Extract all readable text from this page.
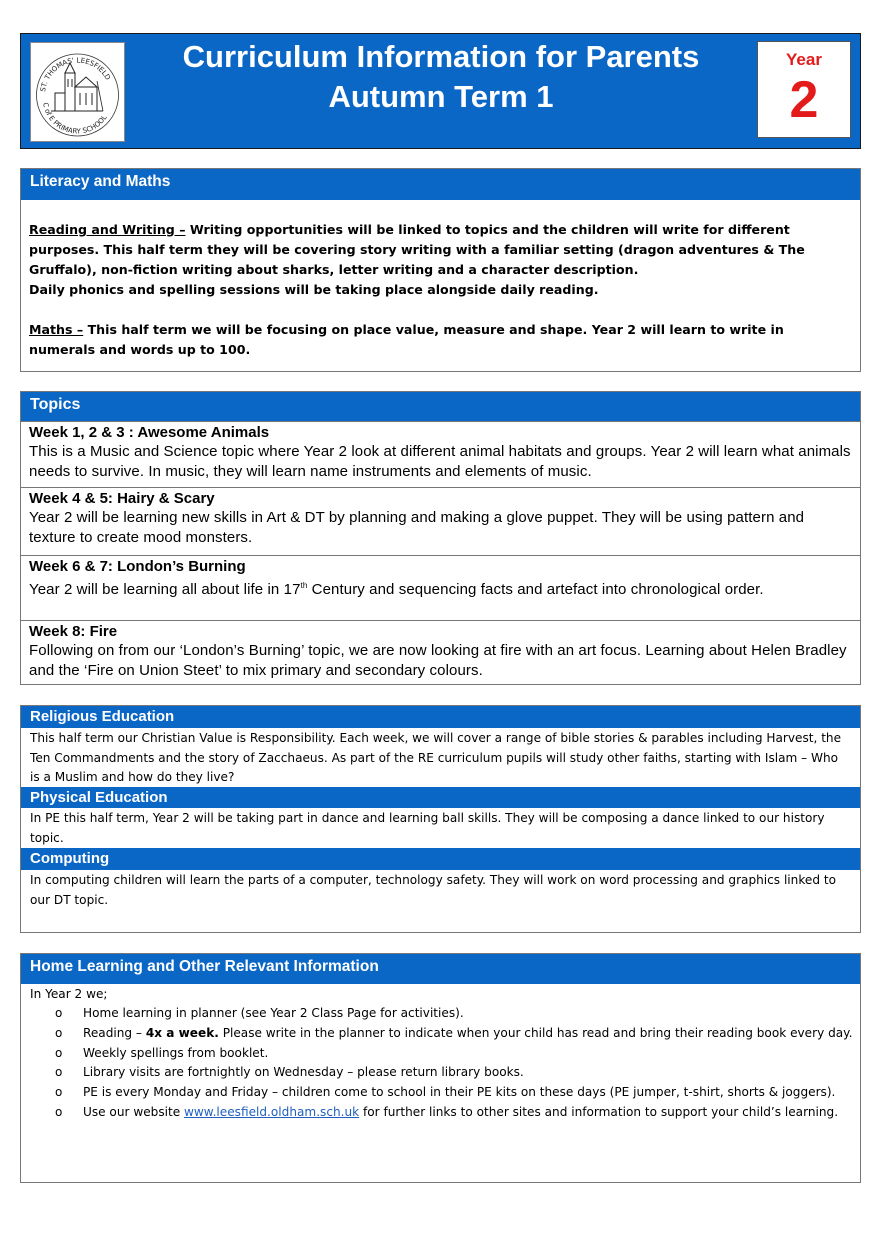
ST. THOMAS' LEESFIELD
C of E PRIMARY SCHOOL
Curriculum Information for Parents
Autumn Term 1
Year
2
Literacy and Maths
Reading and Writing – Writing opportunities will be linked to topics and the children will write for different purposes. This half term they will be covering story writing with a familiar setting (dragon adventures & The Gruffalo), non-fiction writing about sharks, letter writing and a character description.
Daily phonics and spelling sessions will be taking place alongside daily reading.
Maths – This half term we will be focusing on place value, measure and shape. Year 2 will learn to write in numerals and words up to 100.
Topics
Week 1, 2 & 3 : Awesome Animals
This is a Music and Science topic where Year 2 look at different animal habitats and groups. Year 2 will learn what animals needs to survive. In music, they will learn name instruments and elements of music.
Week 4 & 5: Hairy & Scary
Year 2 will be learning new skills in Art & DT by planning and making a glove puppet. They will be using pattern and texture to create mood monsters.
Week 6 & 7: London’s Burning
Year 2 will be learning all about life in 17th Century and sequencing facts and artefact into chronological order.
Week 8: Fire
Following on from our ‘London’s Burning’ topic, we are now looking at fire with an art focus. Learning about Helen Bradley and the ‘Fire on Union Steet’ to mix primary and secondary colours.
Religious Education
This half term our Christian Value is Responsibility. Each week, we will cover a range of bible stories & parables including Harvest, the Ten Commandments and the story of Zacchaeus. As part of the RE curriculum pupils will study other faiths, starting with Islam – Who is a Muslim and how do they live?
Physical Education
In PE this half term, Year 2 will be taking part in dance and learning ball skills. They will be composing a dance linked to our history topic.
Computing
In computing children will learn the parts of a computer, technology safety. They will work on word processing and graphics linked to our DT topic.
Home Learning and Other Relevant Information
In Year 2 we;
o Home learning in planner (see Year 2 Class Page for activities).
o Reading – 4x a week. Please write in the planner to indicate when your child has read and bring their reading book every day.
o Weekly spellings from booklet.
o Library visits are fortnightly on Wednesday – please return library books.
o PE is every Monday and Friday – children come to school in their PE kits on these days (PE jumper, t-shirt, shorts & joggers).
o Use our website www.leesfield.oldham.sch.uk for further links to other sites and information to support your child’s learning.
